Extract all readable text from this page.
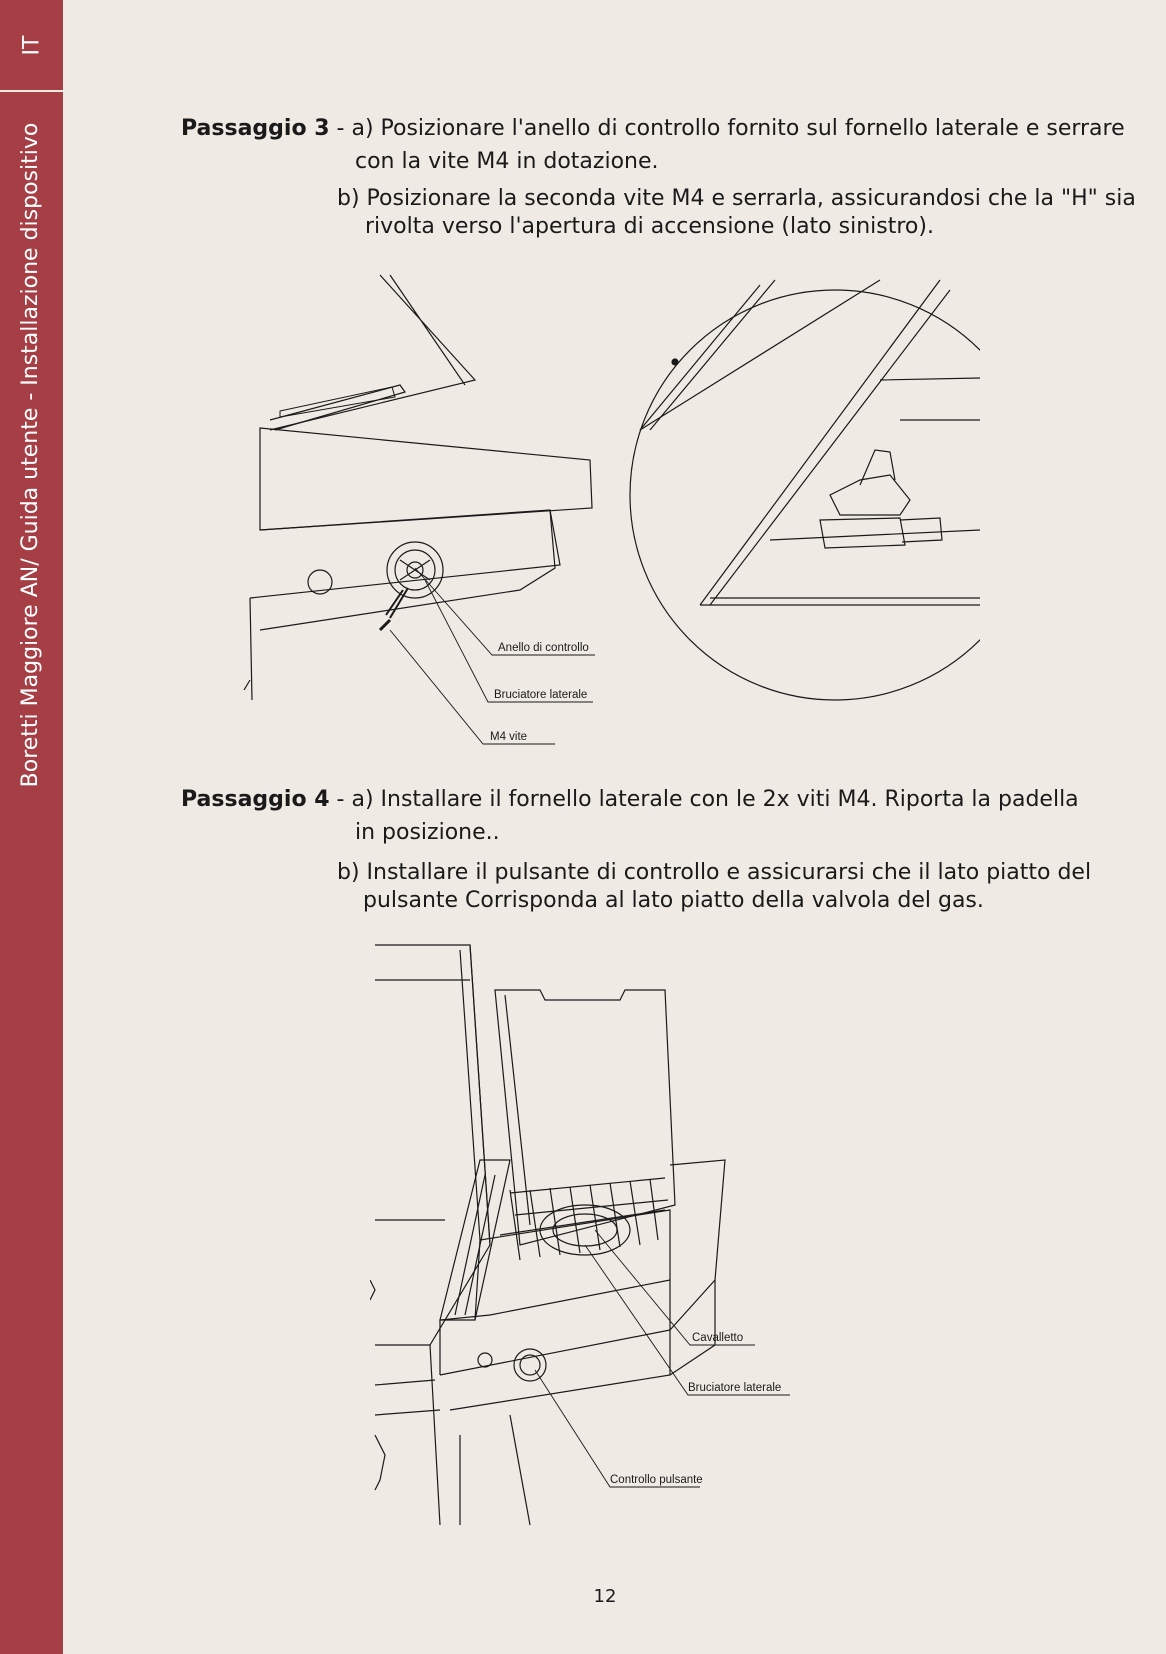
IT
Boretti Maggiore AN/ Guida utente - Installazione dispositivo	Passaggio 3 - a) Posizionare l'anello di controllo fornito sul fornello laterale e serrare
con la vite M4 in dotazione.
b) Posizionare la seconda vite M4 e serrarla, assicurandosi che la "H" sia
rivolta verso l'apertura di accensione (lato sinistro).
Anello di controllo
Bruciatore laterale
M4 vite
Passaggio 4 - a) Installare il fornello laterale con le 2x viti M4. Riporta la padella
in posizione..
b) Installare il pulsante di controllo e assicurarsi che il lato piatto del
pulsante Corrisponda al lato piatto della valvola del gas.
Cavalletto
Bruciatore laterale
Controllo pulsante
12
